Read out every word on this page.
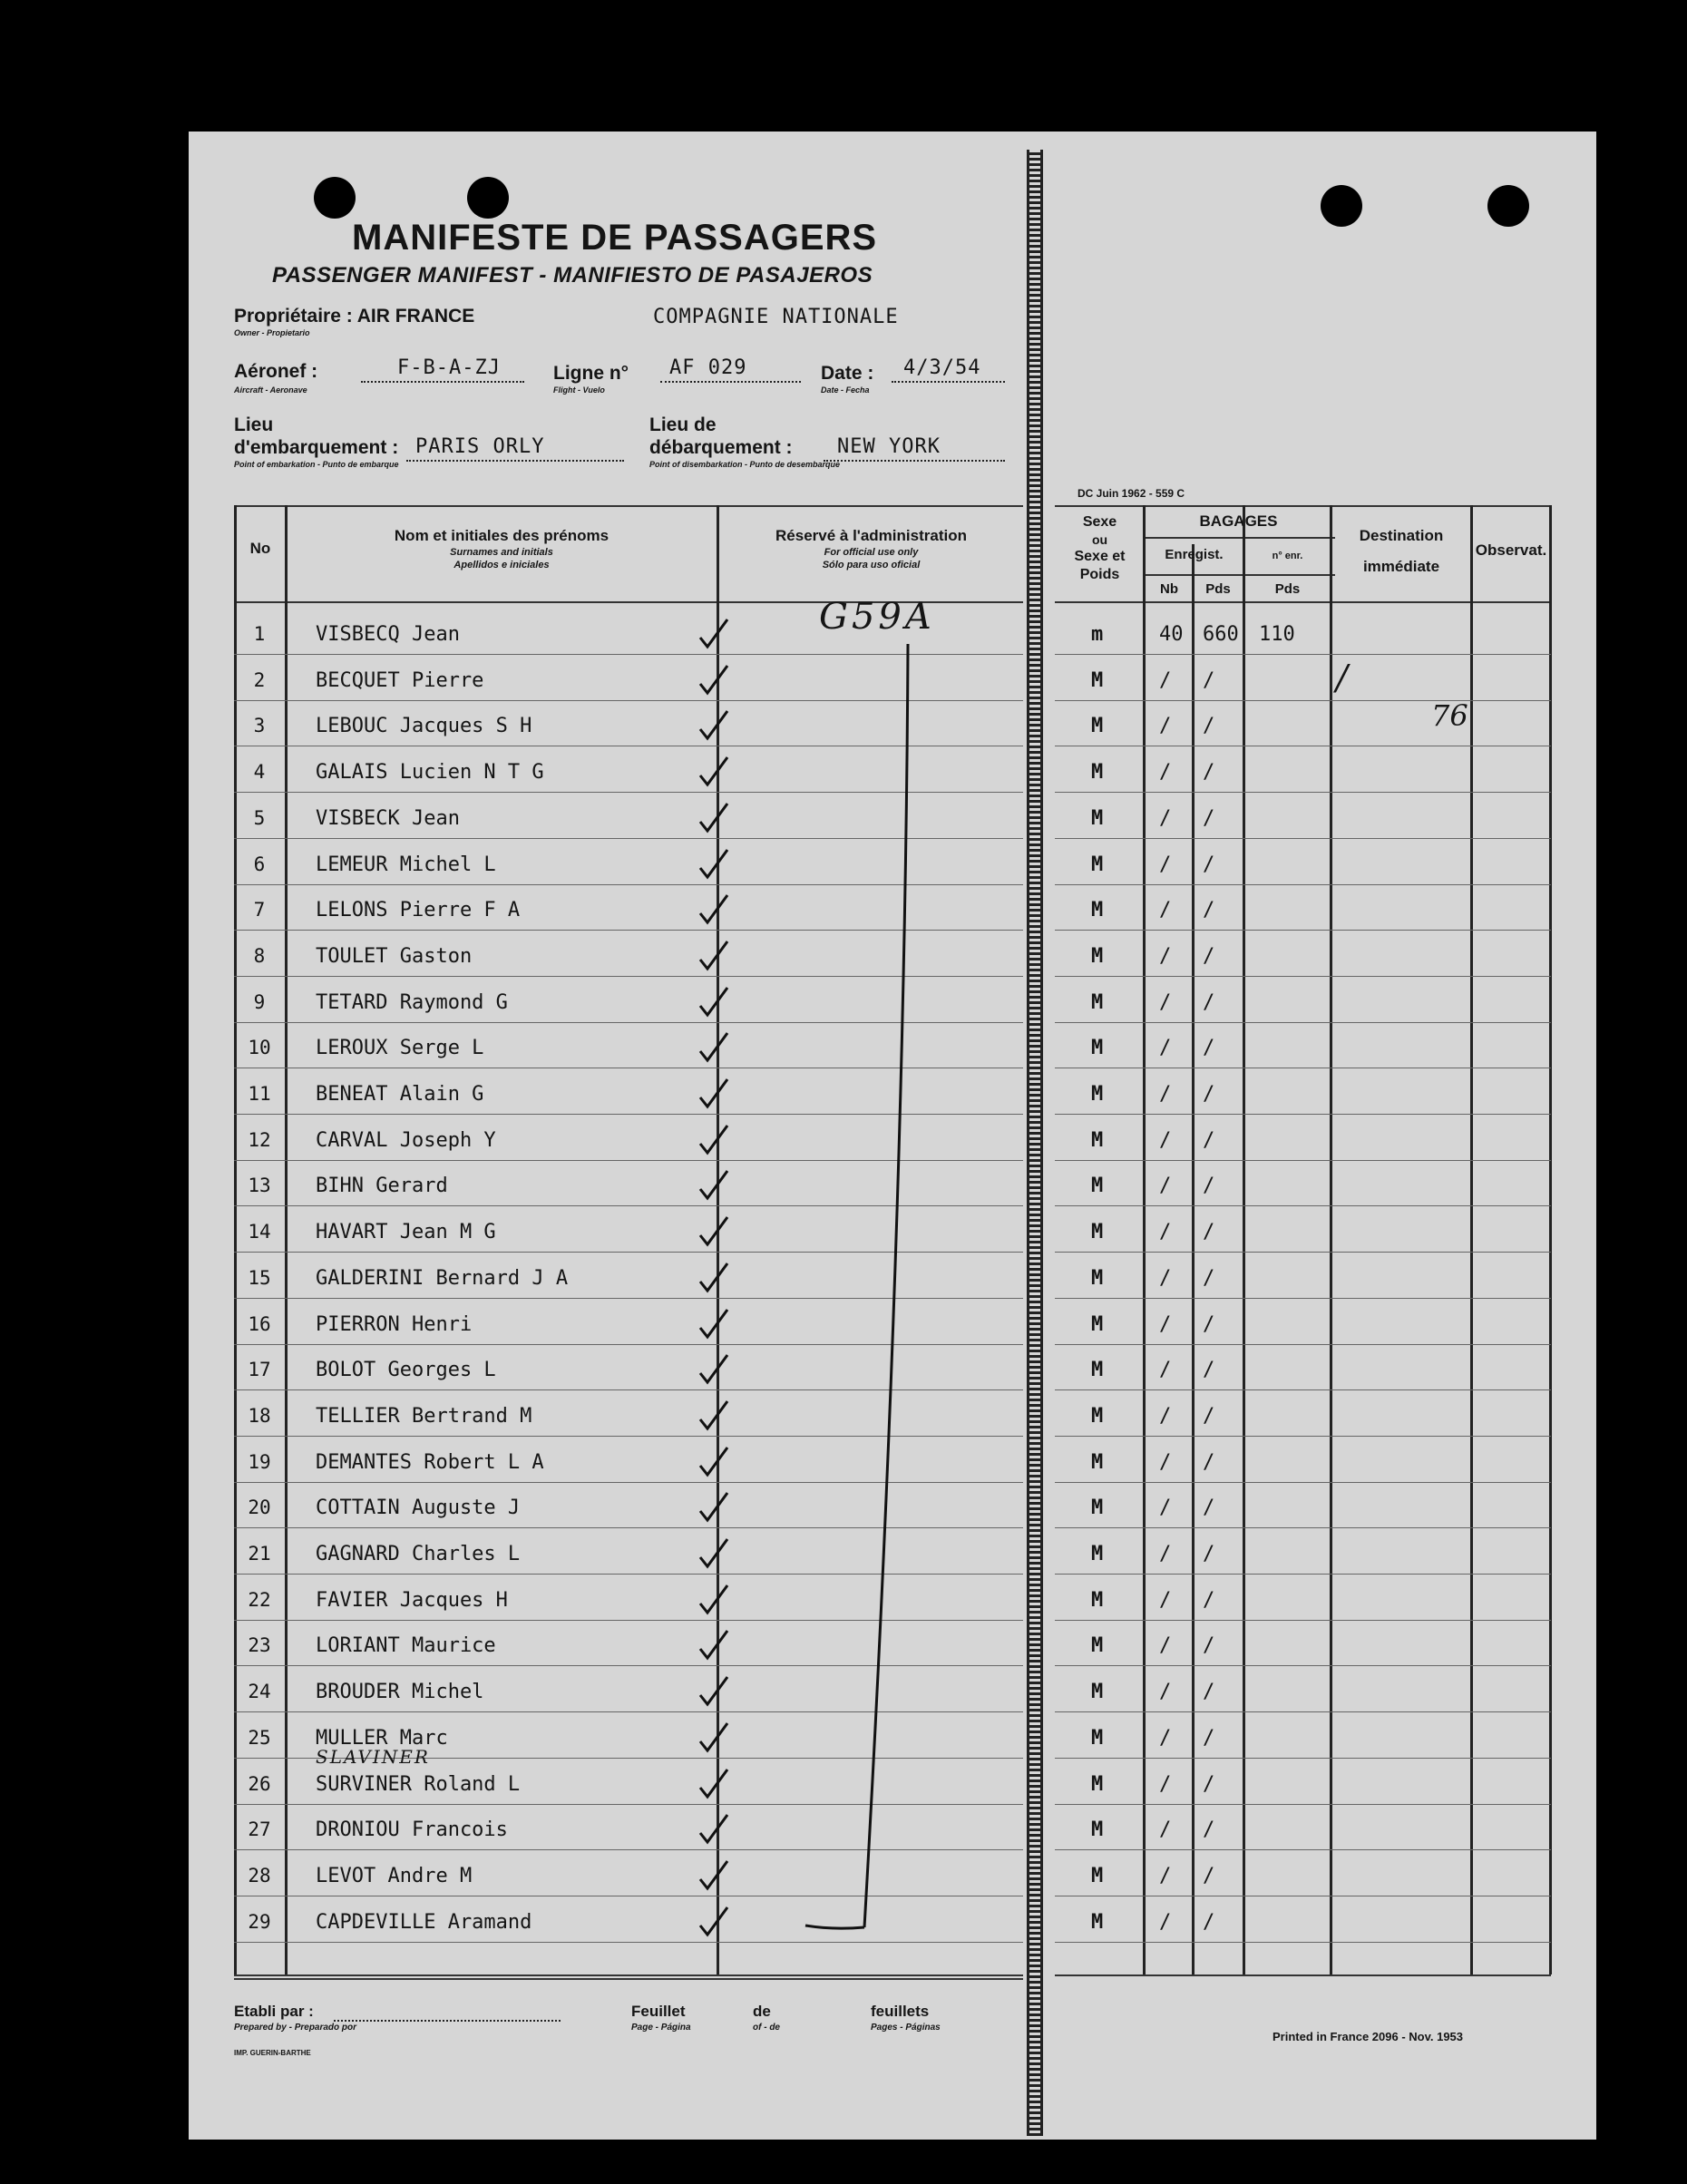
MANIFESTE DE PASSAGERS
PASSENGER MANIFEST - MANIFIESTO DE PASAJEROS
Propriétaire : AIR FRANCE
Owner - Propietario
COMPAGNIE NATIONALE
Aéronef :
Aircraft - Aeronave
F-B-A-ZJ	Ligne n°
Flight - Vuelo
AF 029	Date :
Date - Fecha
4/3/54
Lieu
d'embarquement :
Point of embarkation - Punto de embarque
PARIS ORLY
Lieu de
débarquement :
Point of disembarkation - Punto de desembarque
NEW YORK
DC Juin 1962 - 559 C
No
Nom et initiales des prénoms
Surnames and initials
Apellidos e iniciales
Réservé à l'administration
For official use only
Sólo para uso oficial
Sexe
ou
Sexe et
Poids
BAGAGES
Enregist.
Nb	Pds
n° enr.
Pds
Destination
immédiate
Observat.
1	VISBECQ Jean	m	40 660 110
2	BECQUET Pierre	M	/ /
3	LEBOUC Jacques S H	M	/ /
4	GALAIS Lucien N T G	M	/ /
5	VISBECK Jean	M	/ /
6	LEMEUR Michel L	M	/ /
7	LELONS Pierre F A	M	/ /
8	TOULET Gaston	M	/ /
9	TETARD Raymond G	M	/ /
10	LEROUX Serge L	M	/ /
11	BENEAT Alain G	M	/ /
12	CARVAL Joseph Y	M	/ /
13	BIHN Gerard	M	/ /
14	HAVART Jean M G	M	/ /
15	GALDERINI Bernard J A	M	/ /
16	PIERRON Henri	M	/ /
17	BOLOT Georges L	M	/ /
18	TELLIER Bertrand M	M	/ /
19	DEMANTES Robert L A	M	/ /
20	COTTAIN Auguste J	M	/ /
21	GAGNARD Charles L	M	/ /
22	FAVIER Jacques H	M	/ /
23	LORIANT Maurice	M	/ /
24	BROUDER Michel	M	/ /
25	MULLER Marc	M	/ /
26	SURVINER Roland L	M	/ /
27	DRONIOU Francois	M	/ /
28	LEVOT Andre M	M	/ /
29	CAPDEVILLE Aramand	M	/ /
G59A
SLAVINER
/
76
Etabli par :
Prepared by - Preparado por
Feuillet
Page - Página
de
of - de
feuillets
Pages - Páginas
Printed in France 2096 - Nov. 1953
IMP. GUERIN-BARTHE
